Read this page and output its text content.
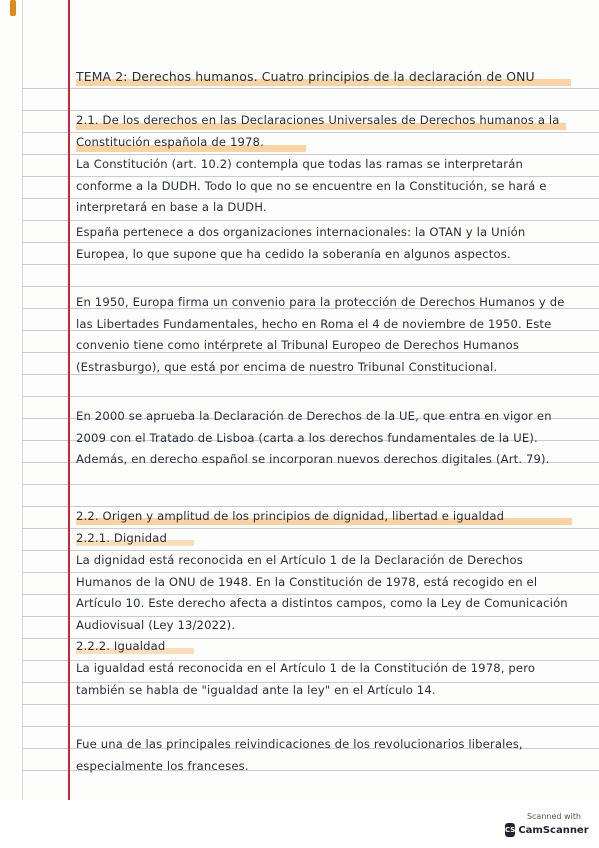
TEMA 2: Derechos humanos. Cuatro principios de la declaración de ONU

2.1. De los derechos en las Declaraciones Universales de Derechos humanos a la Constitución española de 1978.

La Constitución (art. 10.2) contempla que todas las ramas se interpretarán conforme a la DUDH. Todo lo que no se encuentre en la Constitución, se hará e interpretará en base a la DUDH.

España pertenece a dos organizaciones internacionales: la OTAN y la Unión Europea, lo que supone que ha cedido la soberanía en algunos aspectos.

En 1950, Europa firma un convenio para la protección de Derechos Humanos y de las Libertades Fundamentales, hecho en Roma el 4 de noviembre de 1950. Este convenio tiene como intérprete al Tribunal Europeo de Derechos Humanos (Estrasburgo), que está por encima de nuestro Tribunal Constitucional.

En 2000 se aprueba la Declaración de Derechos de la UE, que entra en vigor en 2009 con el Tratado de Lisboa (carta a los derechos fundamentales de la UE). Además, en derecho español se incorporan nuevos derechos digitales (Art. 79).

2.2. Origen y amplitud de los principios de dignidad, libertad e igualdad

2.2.1. Dignidad

La dignidad está reconocida en el Artículo 1 de la Declaración de Derechos Humanos de la ONU de 1948. En la Constitución de 1978, está recogido en el Artículo 10. Este derecho afecta a distintos campos, como la Ley de Comunicación Audiovisual (Ley 13/2022).

2.2.2. Igualdad

La igualdad está reconocida en el Artículo 1 de la Constitución de 1978, pero también se habla de "igualdad ante la ley" en el Artículo 14.

Fue una de las principales reivindicaciones de los revolucionarios liberales, especialmente los franceses.

Scanned with
CS CamScanner
